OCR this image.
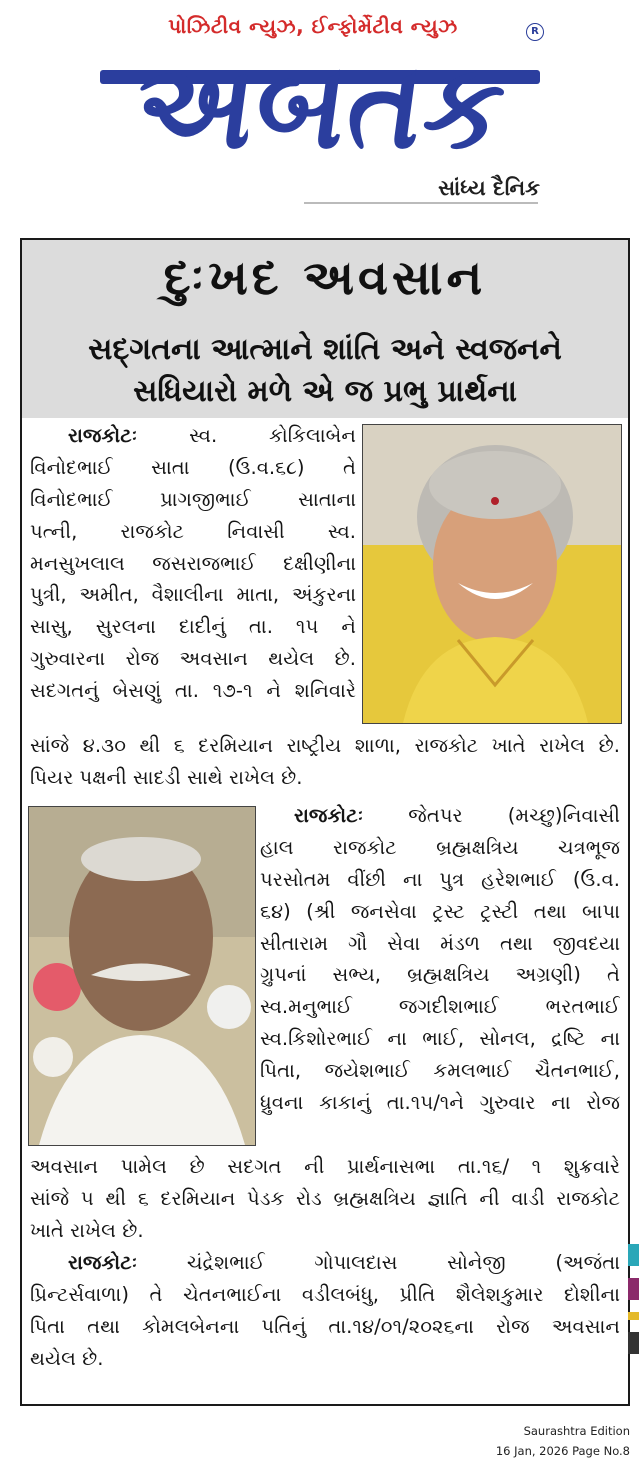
પોઝિટીવ ન્યુઝ, ઈન્ફોર્મેટીવ ન્યુઝ	R
અબતક
સાંધ્ય દૈનિક
દુઃખદ અવસાન
સદ્ગતના આત્માને શાંતિ અને સ્વજનને
સધિયારો મળે એ જ પ્રભુ પ્રાર્થના
રાજકોટઃ	સ્વ. કોકિલાબેન
વિનોદભાઈ સાતા (ઉ.વ.૬૮) તે
વિનોદભાઈ પ્રાગજીભાઈ સાતાના
પત્ની, રાજકોટ નિવાસી સ્વ.
મનસુખલાલ જસરાજભાઈ દક્ષીણીના
પુત્રી, અમીત, વૈશાલીના માતા, અંકુરના
સાસુ, સુરલના દાદીનું તા. ૧૫ ને
ગુરુવારના રોજ અવસાન થયેલ છે.
સદગતનું બેસણું તા. ૧૭-૧ ને શનિવારે
સાંજે ૪.૩૦ થી ૬ દરમિયાન રાષ્ટ્રીય શાળા, રાજકોટ ખાતે રાખેલ છે.
પિયર પક્ષની સાદડી સાથે રાખેલ છે.
રાજકોટઃ જેતપર (મચ્છુ)નિવાસી
હાલ રાજકોટ બ્રહ્મક્ષત્રિય ચત્રભૂજ
પરસોતમ વીંછી ના પુત્ર હરેશભાઈ (ઉ.વ.
૬૪) (શ્રી જનસેવા ટ્રસ્ટ ટ્રસ્ટી તથા બાપા
સીતારામ ગૌ સેવા મંડળ તથા જીવદયા
ગ્રુપનાં સભ્ય, બ્રહ્મક્ષત્રિય અગ્રણી) તે
સ્વ.મનુભાઈ જગદીશભાઈ ભરતભાઈ
સ્વ.કિશોરભાઈ ના ભાઈ, સોનલ, દ્રષ્ટિ ના
પિતા, જયેશભાઈ કમલભાઈ ચૈતનભાઈ,
ધ્રુવના કાકાનું તા.૧૫/૧ને ગુરુવાર ના રોજ
અવસાન પામેલ છે સદગત ની પ્રાર્થનાસભા તા.૧૬/ ૧ શુક્રવારે
સાંજે ૫ થી ૬ દરમિયાન પેડક રોડ બ્રહ્મક્ષત્રિય જ્ઞાતિ ની વાડી રાજકોટ
ખાતે રાખેલ છે.
રાજકોટઃ	ચંદ્રેશભાઈ ગોપાલદાસ સોનેજી (અજંતા
પ્રિન્ટર્સવાળા) તે ચેતનભાઈના વડીલબંધુ, પ્રીતિ શૈલેશકુમાર દોશીના
પિતા તથા કોમલબેનના પતિનું તા.૧૪/૦૧/૨૦૨૬ના રોજ અવસાન
થયેલ છે.
Saurashtra Edition
16 Jan, 2026 Page No.8
